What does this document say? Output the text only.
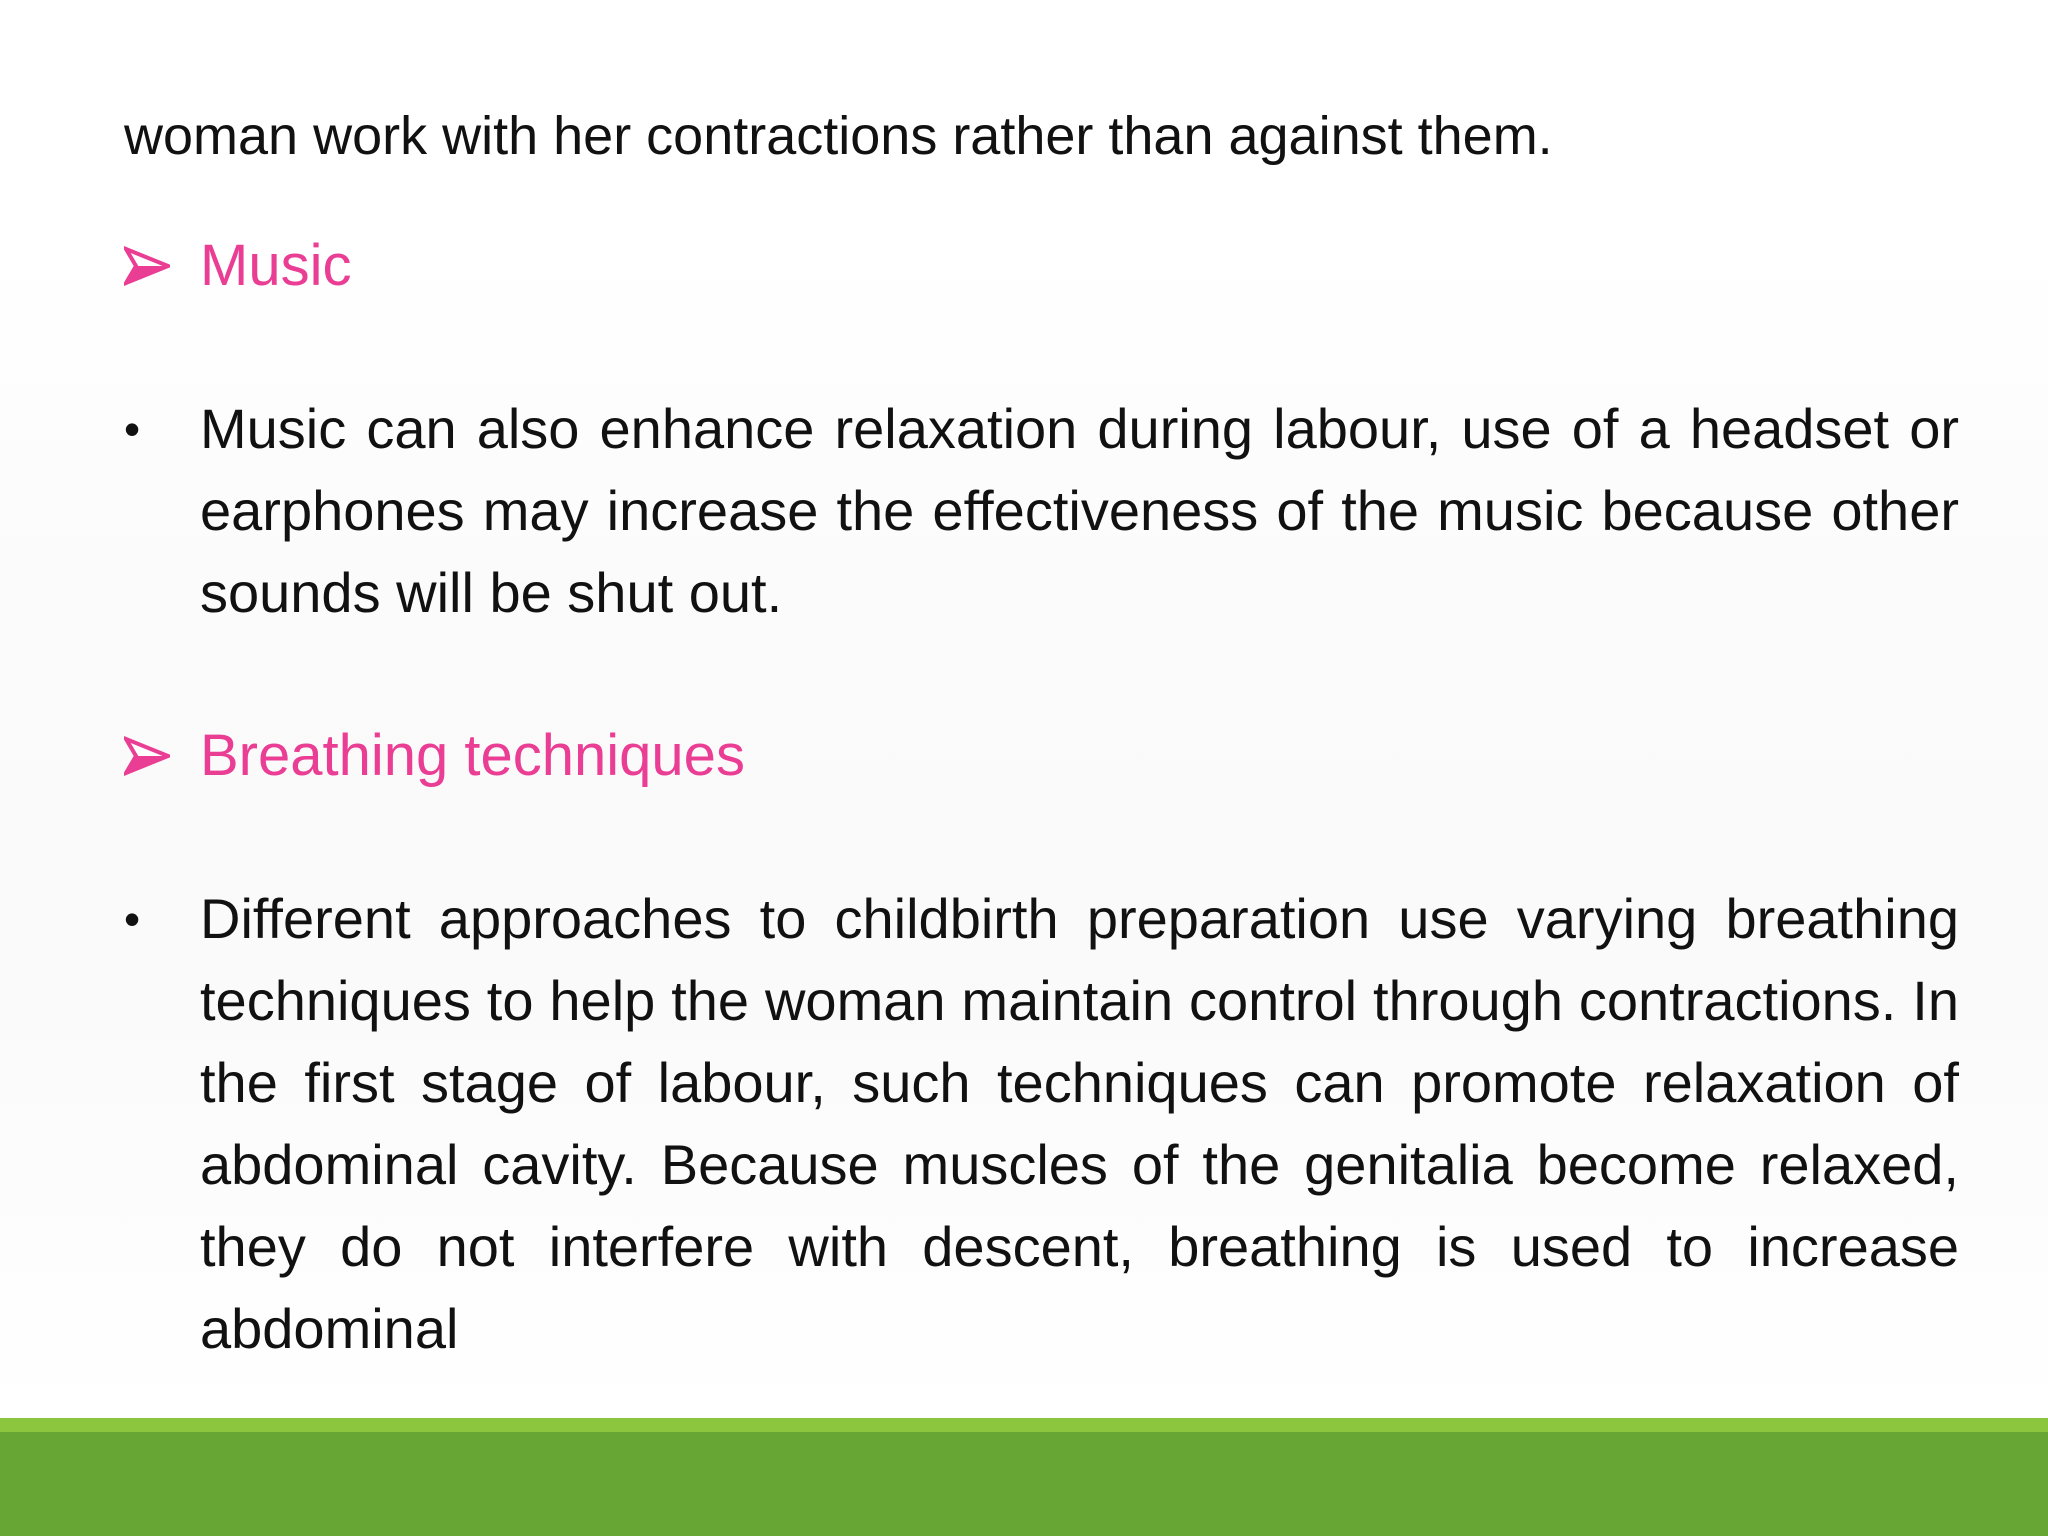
woman work with her contractions rather than against them.

Music
•	Music can also enhance relaxation during labour, use of a headset or earphones may increase the effectiveness of the music because other sounds will be shut out.

Breathing techniques
•	Different approaches to childbirth preparation use varying breathing techniques to help the woman maintain control through contractions. In the first stage of labour, such techniques can promote relaxation of abdominal cavity. Because muscles of the genitalia become relaxed, they do not interfere with descent, breathing is used to increase abdominal
